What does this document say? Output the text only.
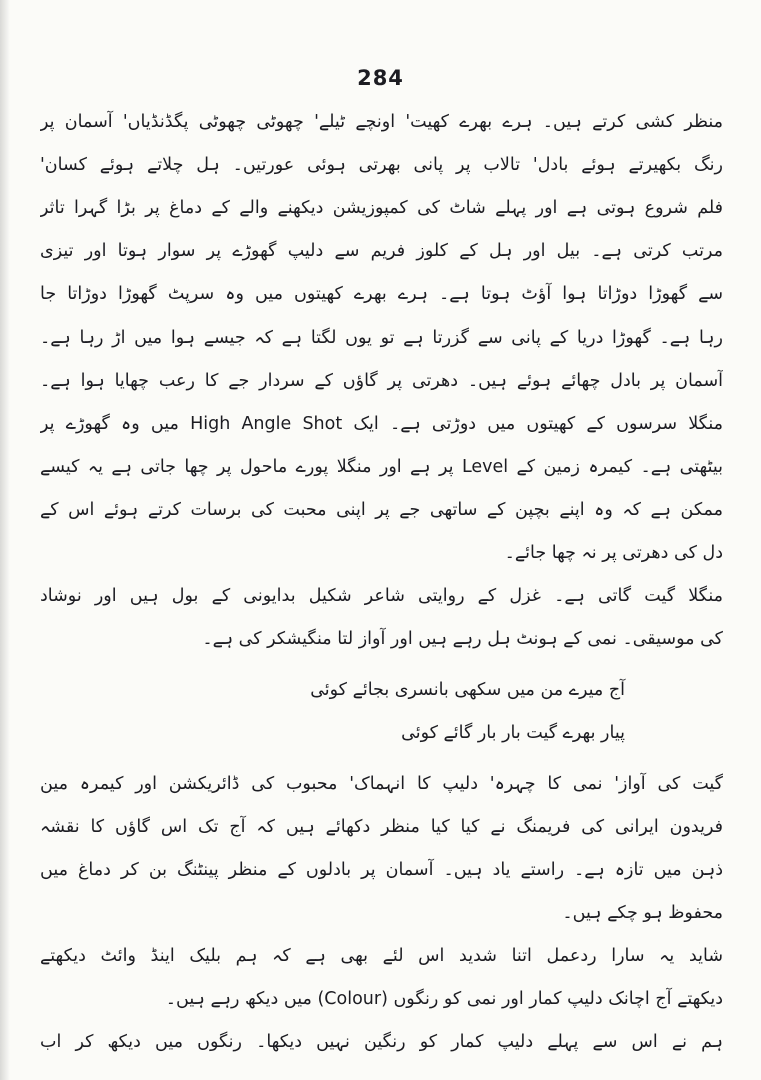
284
منظر کشی کرتے ہیں۔ ہرے بھرے کھیت' اونچے ٹیلے' چھوٹی چھوٹی پگڈنڈیاں' آسمان پر
رنگ بکھیرتے ہوئے بادل' تالاب پر پانی بھرتی ہوئی عورتیں۔ ہل چلاتے ہوئے کسان'
فلم شروع ہوتی ہے اور پہلے شاٹ کی کمپوزیشن دیکھنے والے کے دماغ پر بڑا گہرا تاثر
مرتب کرتی ہے۔ بیل اور ہل کے کلوز فریم سے دلیپ گھوڑے پر سوار ہوتا اور تیزی
سے گھوڑا دوڑاتا ہوا آؤٹ ہوتا ہے۔ ہرے بھرے کھیتوں میں وہ سرپٹ گھوڑا دوڑاتا جا
رہا ہے۔ گھوڑا دریا کے پانی سے گزرتا ہے تو یوں لگتا ہے کہ جیسے ہوا میں اڑ رہا ہے۔
آسمان پر بادل چھائے ہوئے ہیں۔ دھرتی پر گاؤں کے سردار جے کا رعب چھایا ہوا ہے۔
منگلا سرسوں کے کھیتوں میں دوڑتی ہے۔ ایک High Angle Shot میں وہ گھوڑے پر
بیٹھتی ہے۔ کیمرہ زمین کے Level پر ہے اور منگلا پورے ماحول پر چھا جاتی ہے یہ کیسے
ممکن ہے کہ وہ اپنے بچپن کے ساتھی جے پر اپنی محبت کی برسات کرتے ہوئے اس کے
دل کی دھرتی پر نہ چھا جائے۔
منگلا گیت گاتی ہے۔ غزل کے روایتی شاعر شکیل بدایونی کے بول ہیں اور نوشاد
کی موسیقی۔ نمی کے ہونٹ ہل رہے ہیں اور آواز لتا منگیشکر کی ہے۔
آج میرے من میں سکھی بانسری بجائے کوئی
پیار بھرے گیت بار بار گائے کوئی
گیت کی آواز' نمی کا چہرہ' دلیپ کا انہماک' محبوب کی ڈائریکشن اور کیمرہ مین
فریدون ایرانی کی فریمنگ نے کیا کیا منظر دکھائے ہیں کہ آج تک اس گاؤں کا نقشہ
ذہن میں تازہ ہے۔ راستے یاد ہیں۔ آسمان پر بادلوں کے منظر پینٹنگ بن کر دماغ میں
محفوظ ہو چکے ہیں۔
شاید یہ سارا ردعمل اتنا شدید اس لئے بھی ہے کہ ہم بلیک اینڈ وائٹ دیکھتے
دیکھتے آج اچانک دلیپ کمار اور نمی کو رنگوں (Colour) میں دیکھ رہے ہیں۔
ہم نے اس سے پہلے دلیپ کمار کو رنگین نہیں دیکھا۔ رنگوں میں دیکھ کر اب
